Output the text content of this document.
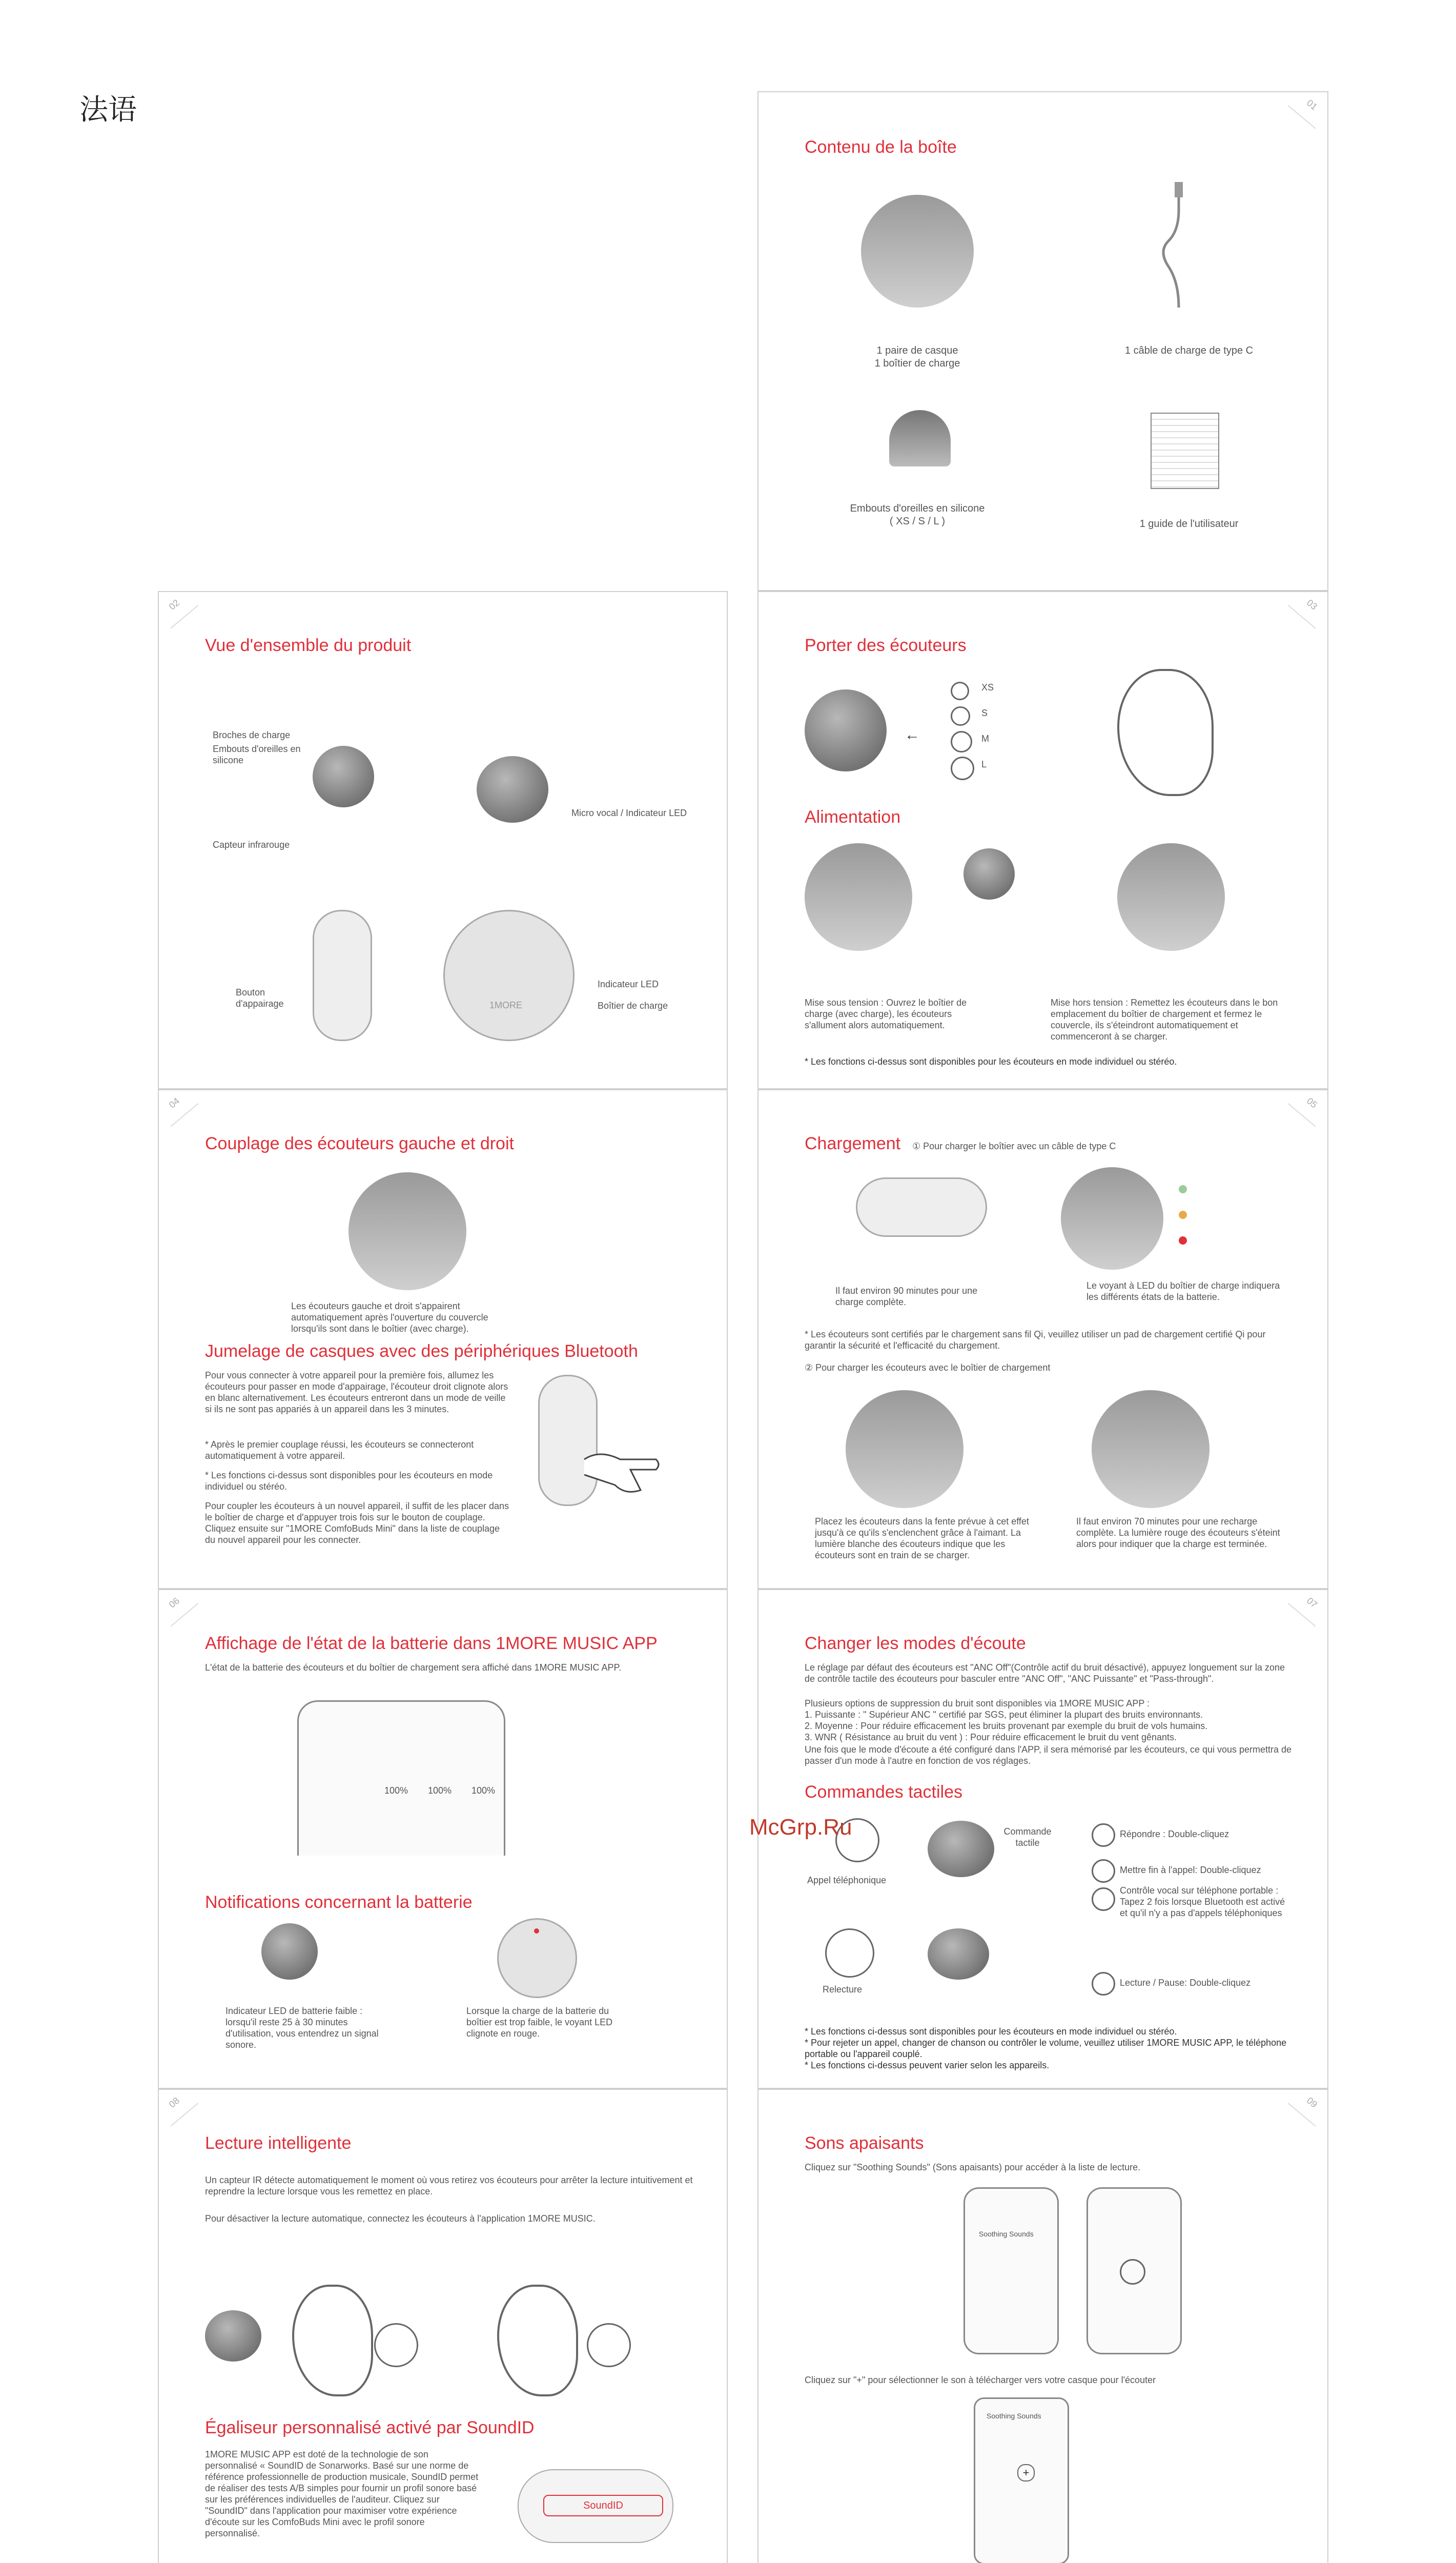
法语	01
Contenu de la boîte
1 paire de casque
1 boîtier de charge
1 câble de charge de type C
Embouts d'oreilles en silicone
( XS / S / L )	1 guide de l'utilisateur
02
Vue d'ensemble du produit
Broches de charge
Embouts d'oreilles en silicone
Capteur infrarouge
Micro vocal / Indicateur LED
Bouton d'appairage	1MORE
Indicateur LED
Boîtier de charge
03
Porter des écouteurs
←
XS
S
M
L
Alimentation
Mise sous tension : Ouvrez le boîtier de charge (avec charge), les écouteurs s'allument alors automatiquement.
Mise hors tension : Remettez les écouteurs dans le bon emplacement du boîtier de chargement et fermez le couvercle, ils s'éteindront automatiquement et commenceront à se charger.
* Les fonctions ci-dessus sont disponibles pour les écouteurs en mode individuel ou stéréo.
04
Couplage des écouteurs gauche et droit
Les écouteurs gauche et droit s'appairent automatiquement après l'ouverture du couvercle lorsqu'ils sont dans le boîtier (avec charge).
Jumelage de casques avec des périphériques Bluetooth
Pour vous connecter à votre appareil pour la première fois, allumez les écouteurs pour passer en mode d'appairage, l'écouteur droit clignote alors en blanc alternativement. Les écouteurs entreront dans un mode de veille si ils ne sont pas appariés à un appareil dans les 3 minutes.
* Après le premier couplage réussi, les écouteurs se connecteront automatiquement à votre appareil.
* Les fonctions ci-dessus sont disponibles pour les écouteurs en mode individuel ou stéréo.
Pour coupler les écouteurs à un nouvel appareil, il suffit de les placer dans le boîtier de charge et d'appuyer trois fois sur le bouton de couplage. Cliquez ensuite sur "1MORE ComfoBuds Mini" dans la liste de couplage du nouvel appareil pour les connecter.
05
Chargement ① Pour charger le boîtier avec un câble de type C
Il faut environ 90 minutes pour une charge complète.
Le voyant à LED du boîtier de charge indiquera les différents états de la batterie.
* Les écouteurs sont certifiés par le chargement sans fil Qi, veuillez utiliser un pad de chargement certifié Qi pour garantir la sécurité et l'efficacité du chargement.
② Pour charger les écouteurs avec le boîtier de chargement
Placez les écouteurs dans la fente prévue à cet effet jusqu'à ce qu'ils s'enclenchent grâce à l'aimant. La lumière blanche des écouteurs indique que les écouteurs sont en train de se charger.
Il faut environ 70 minutes pour une recharge complète. La lumière rouge des écouteurs s'éteint alors pour indiquer que la charge est terminée.
06
Affichage de l'état de la batterie dans 1MORE MUSIC APP
L'état de la batterie des écouteurs et du boîtier de chargement sera affiché dans 1MORE MUSIC APP.
100% 100% 100%
Notifications concernant la batterie
Indicateur LED de batterie faible : lorsqu'il reste 25 à 30 minutes d'utilisation, vous entendrez un signal sonore.
Lorsque la charge de la batterie du boîtier est trop faible, le voyant LED clignote en rouge.
07
Changer les modes d'écoute
Le réglage par défaut des écouteurs est "ANC Off"(Contrôle actif du bruit désactivé), appuyez longuement sur la zone de contrôle tactile des écouteurs pour basculer entre "ANC Off", "ANC Puissante" et "Pass-through".
Plusieurs options de suppression du bruit sont disponibles via 1MORE MUSIC APP :
1. Puissante : " Supérieur ANC " certifié par SGS, peut éliminer la plupart des bruits environnants.
2. Moyenne : Pour réduire efficacement les bruits provenant par exemple du bruit de vols humains.
3. WNR ( Résistance au bruit du vent ) : Pour réduire efficacement le bruit du vent gênants.
Une fois que le mode d'écoute a été configuré dans l'APP, il sera mémorisé par les écouteurs, ce qui vous permettra de passer d'un mode à l'autre en fonction de vos réglages.
Commandes tactiles
Appel téléphonique
Commande tactile
Répondre : Double-cliquez
Mettre fin à l'appel: Double-cliquez
Contrôle vocal sur téléphone portable : Tapez 2 fois lorsque Bluetooth est activé et qu'il n'y a pas d'appels téléphoniques
Relecture
Lecture / Pause: Double-cliquez
* Les fonctions ci-dessus sont disponibles pour les écouteurs en mode individuel ou stéréo.
* Pour rejeter un appel, changer de chanson ou contrôler le volume, veuillez utiliser 1MORE MUSIC APP, le téléphone portable ou l'appareil couplé.
* Les fonctions ci-dessus peuvent varier selon les appareils.
08
Lecture intelligente
Un capteur IR détecte automatiquement le moment où vous retirez vos écouteurs pour arrêter la lecture intuitivement et reprendre la lecture lorsque vous les remettez en place.
Pour désactiver la lecture automatique, connectez les écouteurs à l'application 1MORE MUSIC.
Égaliseur personnalisé activé par SoundID
1MORE MUSIC APP est doté de la technologie de son personnalisé « SoundID de Sonarworks. Basé sur une norme de référence professionnelle de production musicale, SoundID permet de réaliser des tests A/B simples pour fournir un profil sonore basé sur les préférences individuelles de l'auditeur. Cliquez sur "SoundID" dans l'application pour maximiser votre expérience d'écoute sur les ComfoBuds Mini avec le profil sonore personnalisé.
SoundID
09
Sons apaisants
Cliquez sur "Soothing Sounds" (Sons apaisants) pour accéder à la liste de lecture.
Soothing Sounds
Cliquez sur "+" pour sélectionner le son à télécharger vers votre casque pour l'écouter
Soothing Sounds
+
McGrp.Ru
